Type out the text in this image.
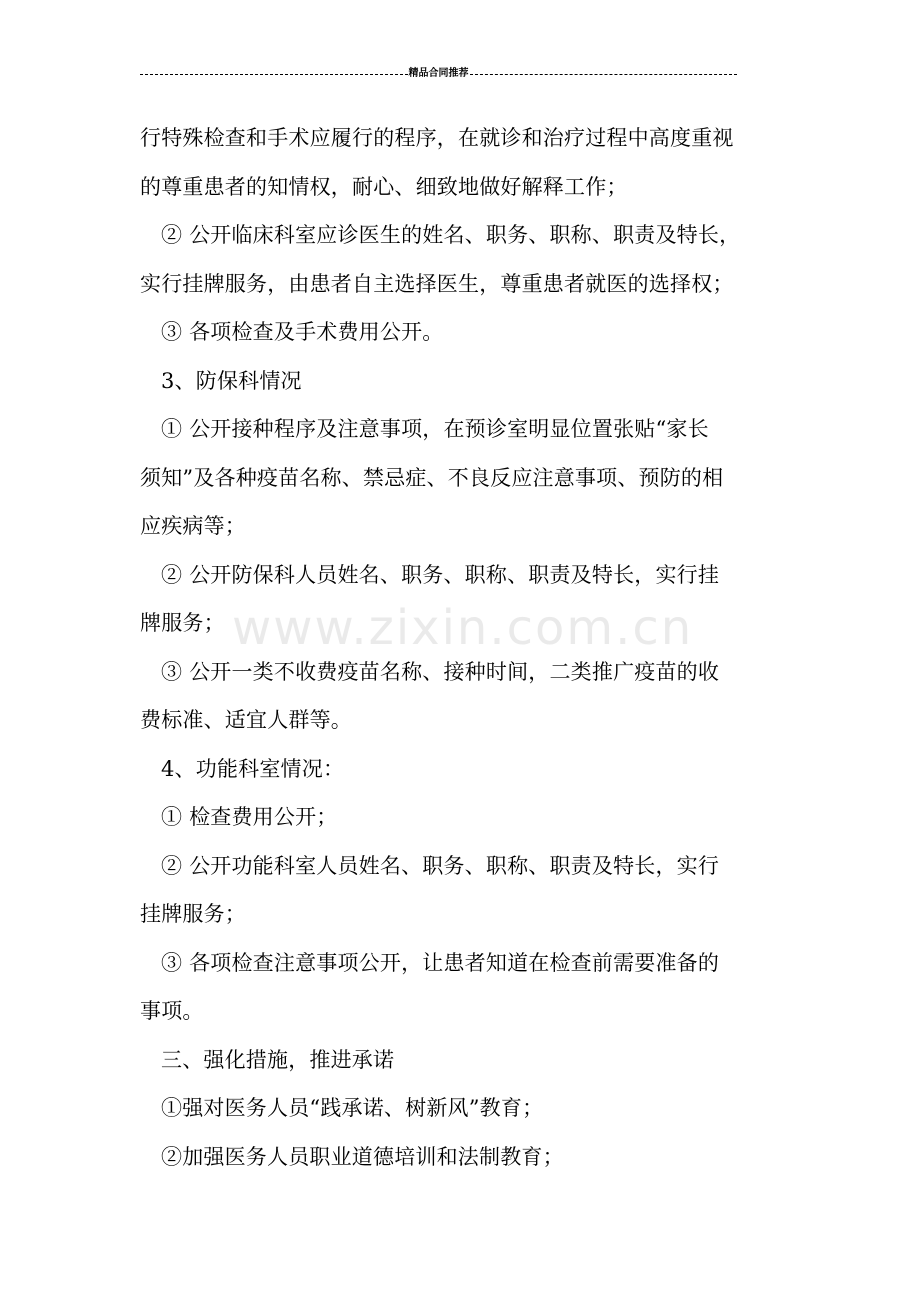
精品合同推荐
www.zixin.com.cn
行特殊检查和手术应履行的程序，在就诊和治疗过程中高度重视
的尊重患者的知情权，耐心、细致地做好解释工作；
② 公开临床科室应诊医生的姓名、职务、职称、职责及特长，
实行挂牌服务，由患者自主选择医生，尊重患者就医的选择权；
③ 各项检查及手术费用公开。
3、防保科情况
① 公开接种程序及注意事项，在预诊室明显位置张贴“家长
须知”及各种疫苗名称、禁忌症、不良反应注意事项、预防的相
应疾病等；
② 公开防保科人员姓名、职务、职称、职责及特长，实行挂
牌服务；
③ 公开一类不收费疫苗名称、接种时间，二类推广疫苗的收
费标准、适宜人群等。
4、功能科室情况：
① 检查费用公开；
② 公开功能科室人员姓名、职务、职称、职责及特长，实行
挂牌服务；
③ 各项检查注意事项公开，让患者知道在检查前需要准备的
事项。
三、强化措施，推进承诺
①强对医务人员“践承诺、树新风”教育；
②加强医务人员职业道德培训和法制教育；
